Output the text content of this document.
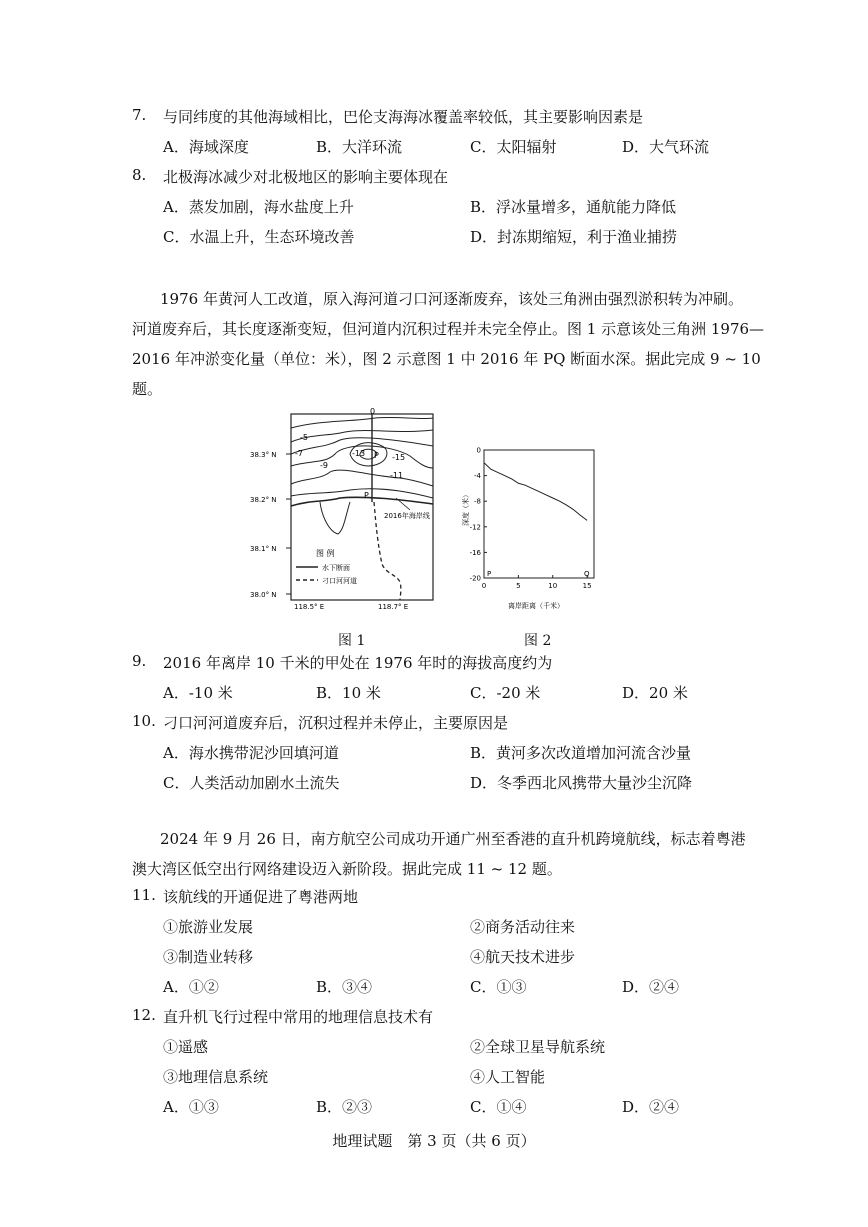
7. 与同纬度的其他海域相比，巴伦支海海冰覆盖率较低，其主要影响因素是
A．海域深度	B．大洋环流	C．太阳辐射	D．大气环流
8. 北极海冰减少对北极地区的影响主要体现在
A．蒸发加剧，海水盐度上升	B．浮冰量增多，通航能力降低
C．水温上升，生态环境改善	D．封冻期缩短，利于渔业捕捞
1976 年黄河人工改道，原入海河道刁口河逐渐废弃，该处三角洲由强烈淤积转为冲刷。
河道废弃后，其长度逐渐变短，但河道内沉积过程并未完全停止。图 1 示意该处三角洲 1976—
2016 年冲淤变化量（单位：米），图 2 示意图 1 中 2016 年 PQ 断面水深。据此完成 9 ~ 10
题。
0
38.3° N
38.2° N
38.1° N
38.0° N
118.5° E	118.7° E
-5
-7
-9
-13	-15
-11
P
P
2016年海岸线
图 例
水下断面
刁口河河道
深度（米）
离岸距离（千米）
P	Q
0
-4
-8
-12
-16
-20
0	5	10	15
图 1	图 2
9. 2016 年离岸 10 千米的甲处在 1976 年时的海拔高度约为
A．-10 米	B．10 米	C．-20 米	D．20 米
10. 刁口河河道废弃后，沉积过程并未停止，主要原因是
A．海水携带泥沙回填河道	B．黄河多次改道增加河流含沙量
C．人类活动加剧水土流失	D．冬季西北风携带大量沙尘沉降
2024 年 9 月 26 日，南方航空公司成功开通广州至香港的直升机跨境航线，标志着粤港
澳大湾区低空出行网络建设迈入新阶段。据此完成 11 ~ 12 题。
11. 该航线的开通促进了粤港两地
①旅游业发展	②商务活动往来
③制造业转移	④航天技术进步
A．①②	B．③④	C．①③	D．②④
12. 直升机飞行过程中常用的地理信息技术有
①遥感	②全球卫星导航系统
③地理信息系统	④人工智能
A．①③	B．②③	C．①④	D．②④
地理试题　第 3 页（共 6 页）
